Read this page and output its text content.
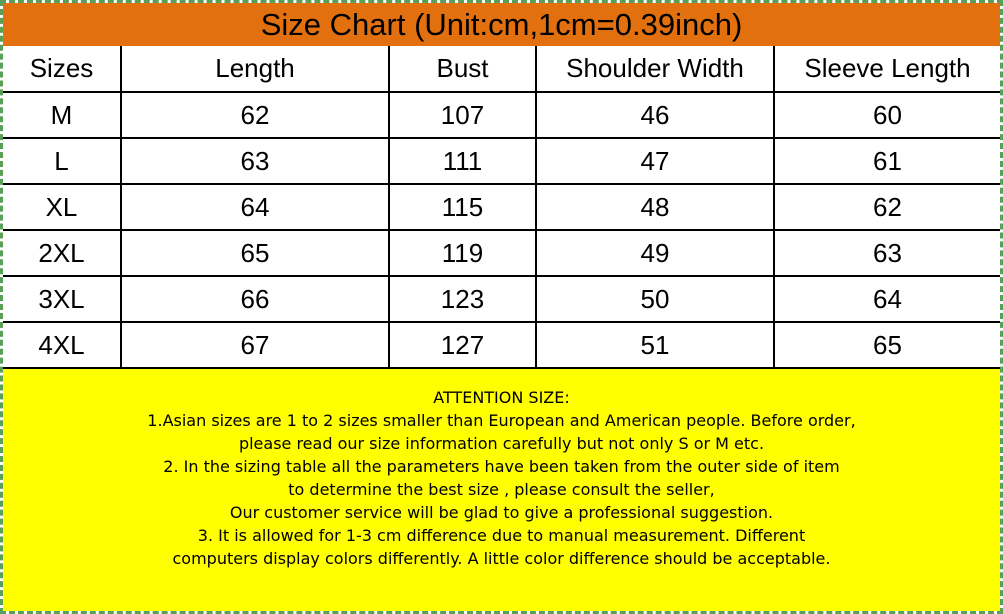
Size Chart (Unit:cm,1cm=0.39inch)
Sizes	Length	Bust	Shoulder Width	Sleeve Length
M	62	107	46	60
L	63	111	47	61
XL	64	115	48	62
2XL	65	119	49	63
3XL	66	123	50	64
4XL	67	127	51	65
ATTENTION SIZE:
1.Asian sizes are 1 to 2 sizes smaller than European and American people. Before order,
please read our size information carefully but not only S or M etc.
2. In the sizing table all the parameters have been taken from the outer side of item
to determine the best size , please consult the seller,
Our customer service will be glad to give a professional suggestion.
3. It is allowed for 1-3 cm difference due to manual measurement. Different
computers display colors differently. A little color difference should be acceptable.
